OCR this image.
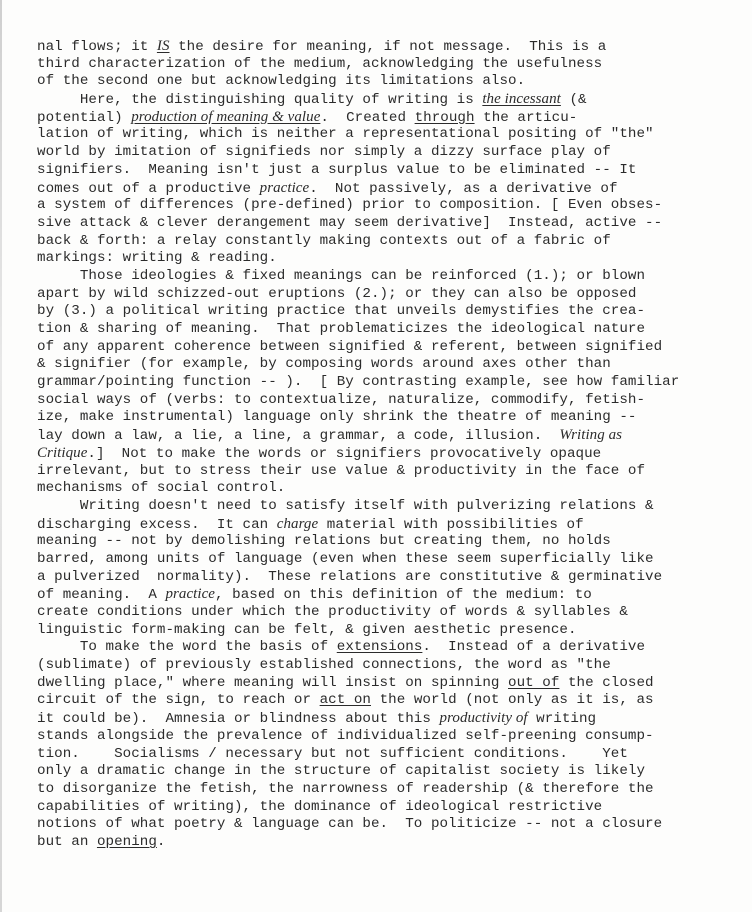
nal flows; it IS the desire for meaning, if not message.  This is a
third characterization of the medium, acknowledging the usefulness
of the second one but acknowledging its limitations also.
Here, the distinguishing quality of writing is the incessant (&
potential) production of meaning & value.  Created through the articu-
lation of writing, which is neither a representational positing of "the"
world by imitation of signifieds nor simply a dizzy surface play of
signifiers.  Meaning isn't just a surplus value to be eliminated -- It
comes out of a productive practice.  Not passively, as a derivative of
a system of differences (pre-defined) prior to composition. [ Even obses-
sive attack & clever derangement may seem derivative]  Instead, active --
back & forth: a relay constantly making contexts out of a fabric of
markings: writing & reading.
Those ideologies & fixed meanings can be reinforced (1.); or blown
apart by wild schizzed-out eruptions (2.); or they can also be opposed
by (3.) a political writing practice that unveils demystifies the crea-
tion & sharing of meaning.  That problematicizes the ideological nature
of any apparent coherence between signified & referent, between signified
& signifier (for example, by composing words around axes other than
grammar/pointing function -- ).  [ By contrasting example, see how familiar
social ways of (verbs: to contextualize, naturalize, commodify, fetish-
ize, make instrumental) language only shrink the theatre of meaning --
lay down a law, a lie, a line, a grammar, a code, illusion.  Writing as
Critique.]  Not to make the words or signifiers provocatively opaque
irrelevant, but to stress their use value & productivity in the face of
mechanisms of social control.
Writing doesn't need to satisfy itself with pulverizing relations &
discharging excess.  It can charge material with possibilities of
meaning -- not by demolishing relations but creating them, no holds
barred, among units of language (even when these seem superficially like
a pulverized  normality).  These relations are constitutive & germinative
of meaning.  A practice, based on this definition of the medium: to
create conditions under which the productivity of words & syllables &
linguistic form-making can be felt, & given aesthetic presence.
To make the word the basis of extensions.  Instead of a derivative
(sublimate) of previously established connections, the word as "the
dwelling place," where meaning will insist on spinning out of the closed
circuit of the sign, to reach or act on the world (not only as it is, as
it could be).  Amnesia or blindness about this productivity of writing
stands alongside the prevalence of individualized self-preening consump-
tion.    Socialisms / necessary but not sufficient conditions.    Yet
only a dramatic change in the structure of capitalist society is likely
to disorganize the fetish, the narrowness of readership (& therefore the
capabilities of writing), the dominance of ideological restrictive
notions of what poetry & language can be.  To politicize -- not a closure
but an opening.
